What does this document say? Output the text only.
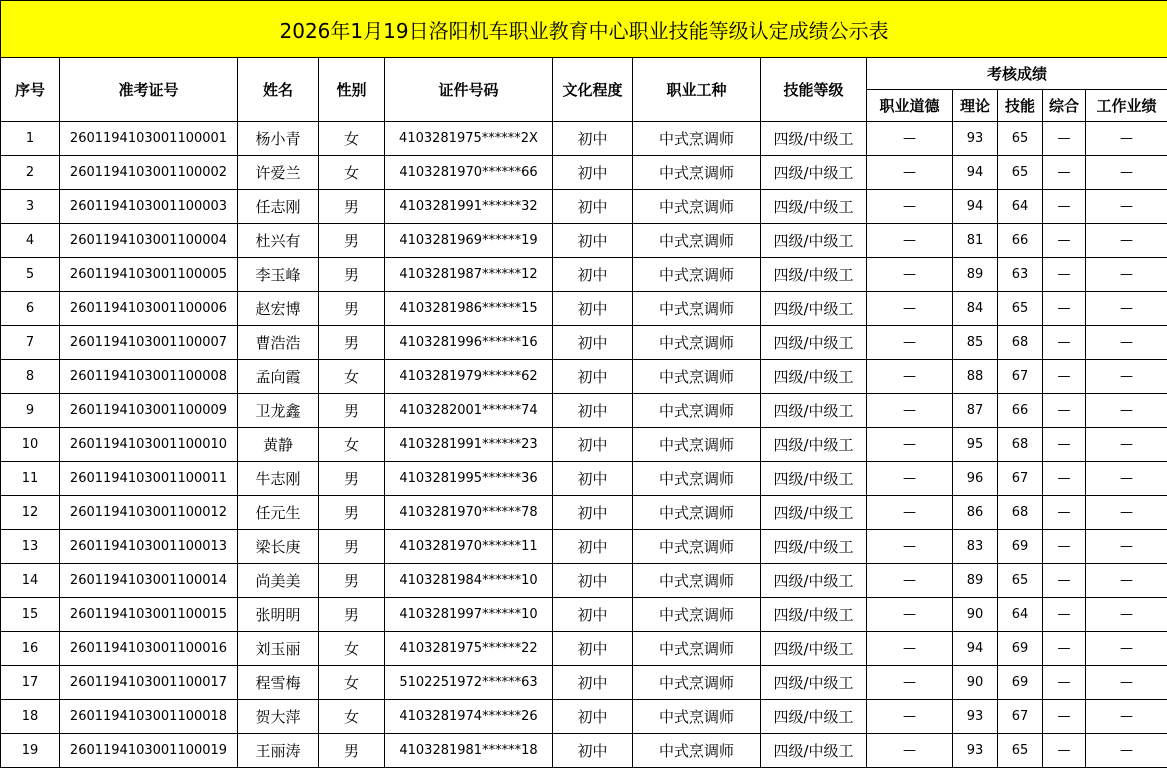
2026年1月19日洛阳机车职业教育中心职业技能等级认定成绩公示表												
序号	准考证号	姓名	性别	证件号码	文化程度	职业工种	技能等级	考核成绩				
								职业道德	理论	技能	综合	工作业绩
1	2601194103001100001	杨小青	女	4103281975******2X	初中	中式烹调师	四级/中级工	—	93	65	—	—
2	2601194103001100002	许爱兰	女	4103281970******66	初中	中式烹调师	四级/中级工	—	94	65	—	—
3	2601194103001100003	任志刚	男	4103281991******32	初中	中式烹调师	四级/中级工	—	94	64	—	—
4	2601194103001100004	杜兴有	男	4103281969******19	初中	中式烹调师	四级/中级工	—	81	66	—	—
5	2601194103001100005	李玉峰	男	4103281987******12	初中	中式烹调师	四级/中级工	—	89	63	—	—
6	2601194103001100006	赵宏博	男	4103281986******15	初中	中式烹调师	四级/中级工	—	84	65	—	—
7	2601194103001100007	曹浩浩	男	4103281996******16	初中	中式烹调师	四级/中级工	—	85	68	—	—
8	2601194103001100008	孟向霞	女	4103281979******62	初中	中式烹调师	四级/中级工	—	88	67	—	—
9	2601194103001100009	卫龙鑫	男	4103282001******74	初中	中式烹调师	四级/中级工	—	87	66	—	—
10	2601194103001100010	黄静	女	4103281991******23	初中	中式烹调师	四级/中级工	—	95	68	—	—
11	2601194103001100011	牛志刚	男	4103281995******36	初中	中式烹调师	四级/中级工	—	96	67	—	—
12	2601194103001100012	任元生	男	4103281970******78	初中	中式烹调师	四级/中级工	—	86	68	—	—
13	2601194103001100013	梁长庚	男	4103281970******11	初中	中式烹调师	四级/中级工	—	83	69	—	—
14	2601194103001100014	尚美美	男	4103281984******10	初中	中式烹调师	四级/中级工	—	89	65	—	—
15	2601194103001100015	张明明	男	4103281997******10	初中	中式烹调师	四级/中级工	—	90	64	—	—
16	2601194103001100016	刘玉丽	女	4103281975******22	初中	中式烹调师	四级/中级工	—	94	69	—	—
17	2601194103001100017	程雪梅	女	5102251972******63	初中	中式烹调师	四级/中级工	—	90	69	—	—
18	2601194103001100018	贺大萍	女	4103281974******26	初中	中式烹调师	四级/中级工	—	93	67	—	—
19	2601194103001100019	王丽涛	男	4103281981******18	初中	中式烹调师	四级/中级工	—	93	65	—	—
